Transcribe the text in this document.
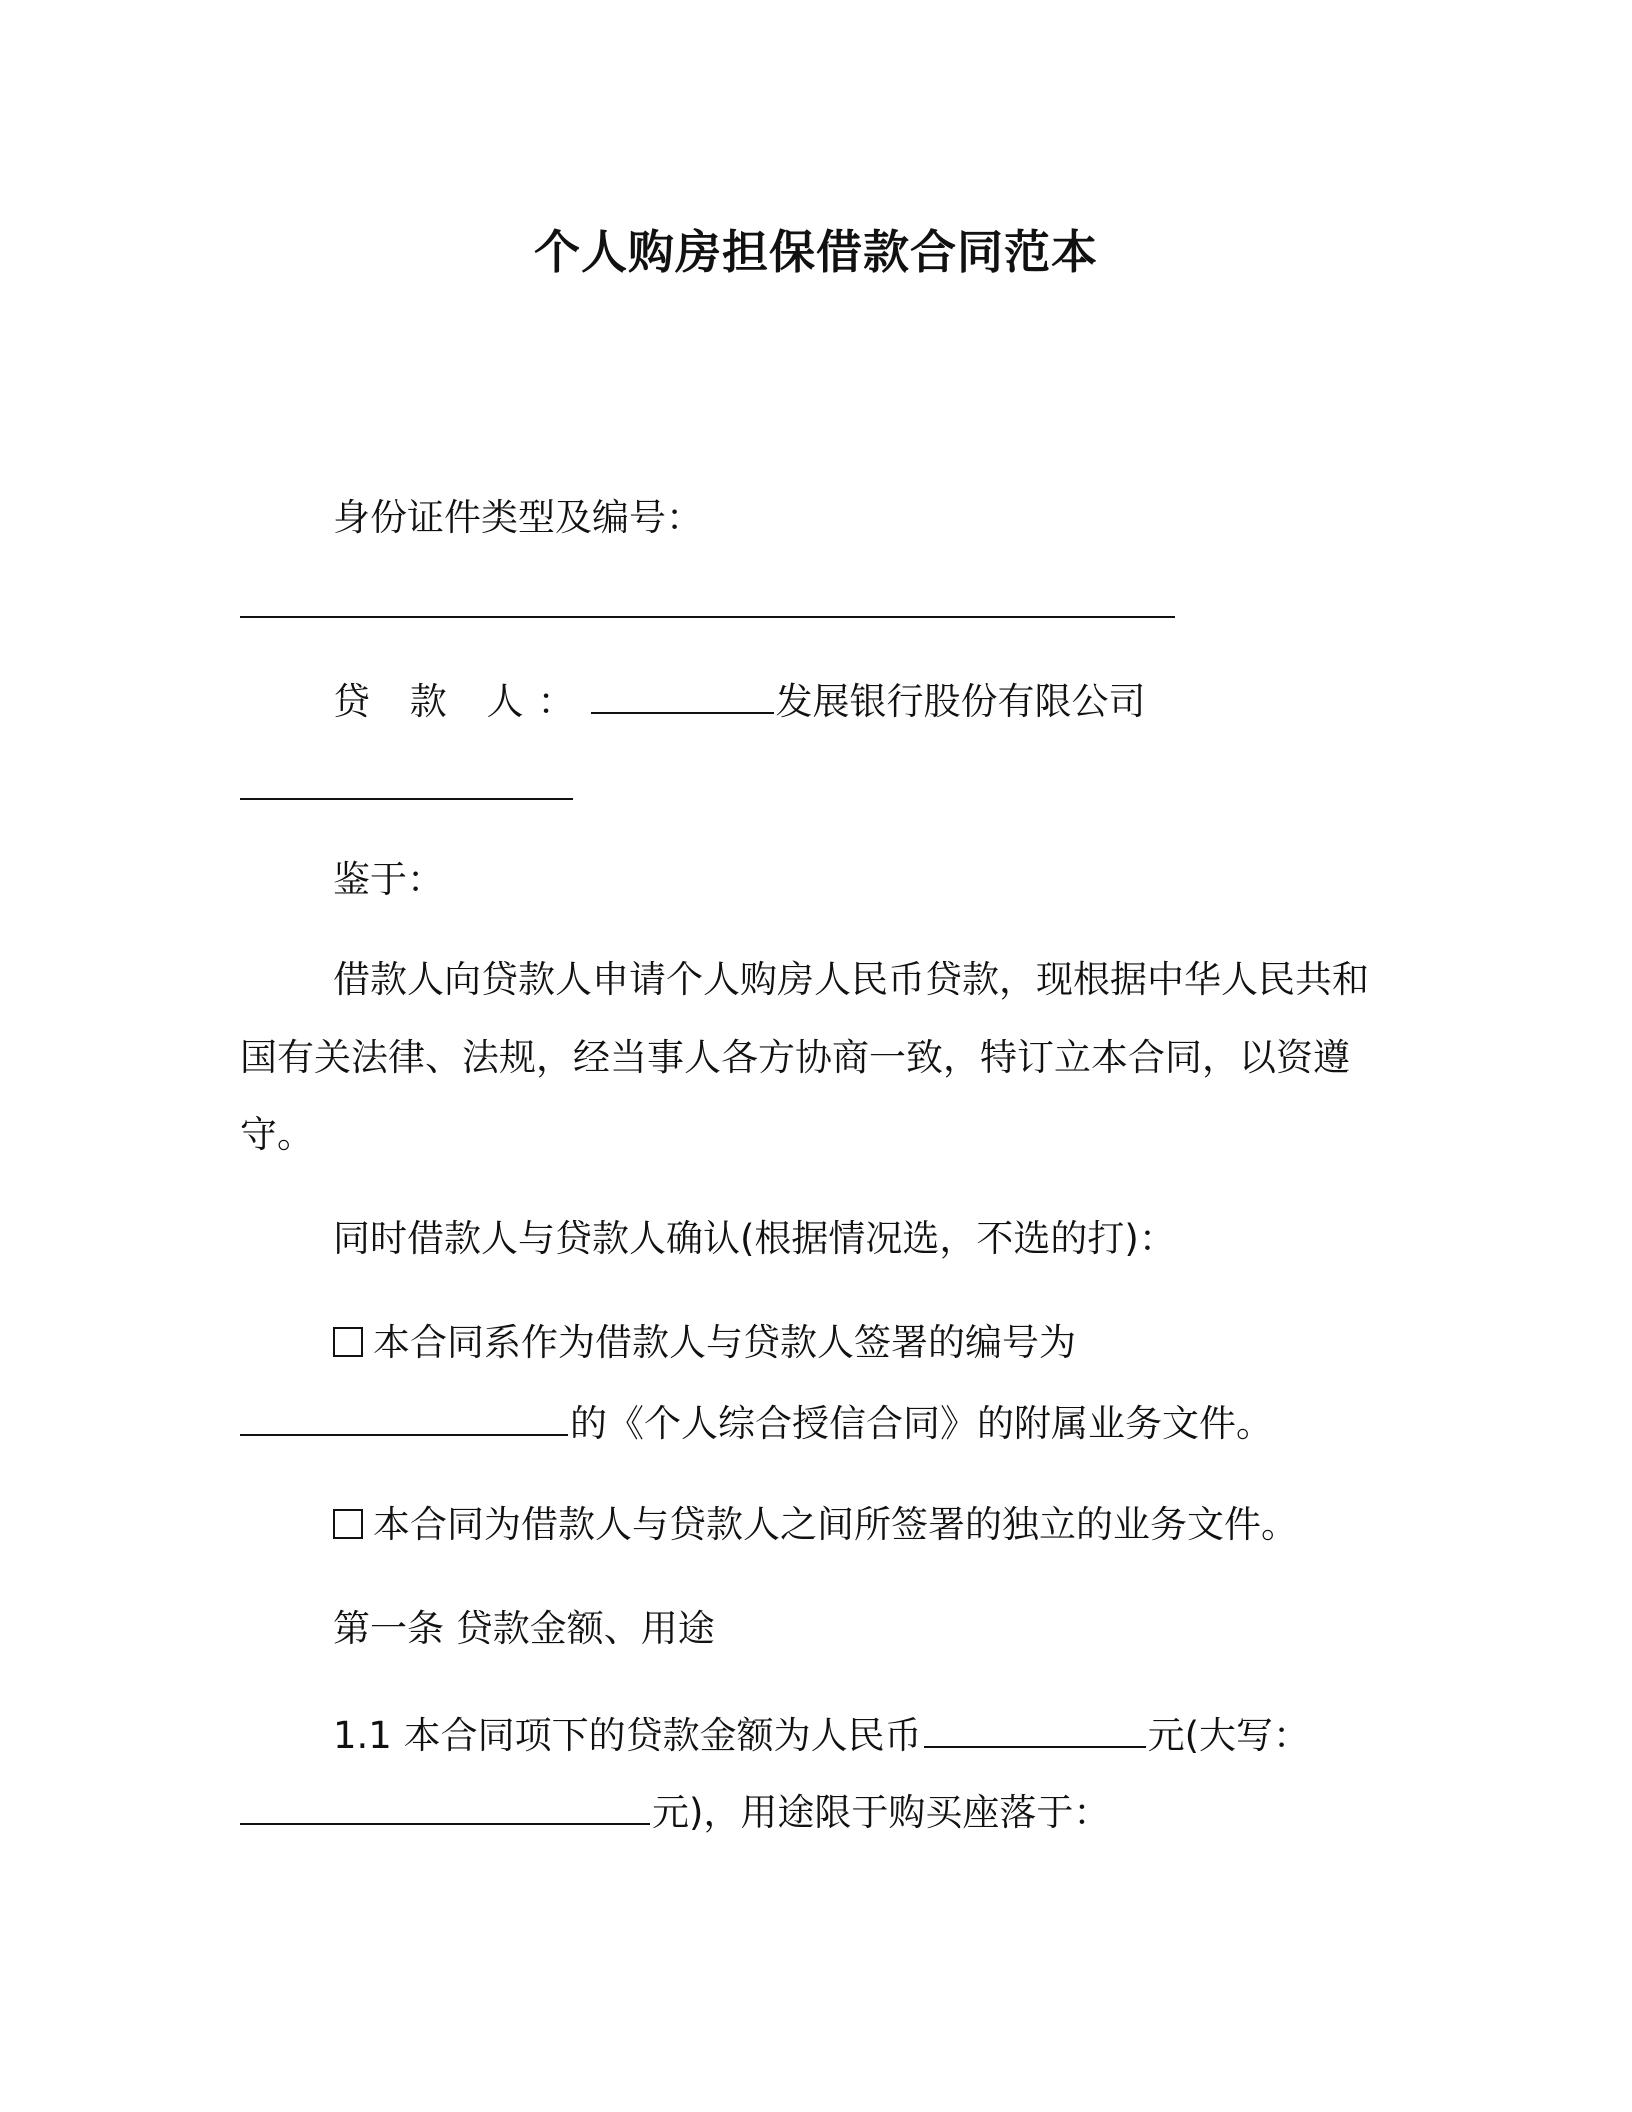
个人购房担保借款合同范本
身份证件类型及编号：
贷 款 人：	发展银行股份有限公司
鉴于：
借款人向贷款人申请个人购房人民币贷款，现根据中华人民共和
国有关法律、法规，经当事人各方协商一致，特订立本合同，以资遵
守。
同时借款人与贷款人确认(根据情况选，不选的打)：
本合同系作为借款人与贷款人签署的编号为
的《个人综合授信合同》的附属业务文件。
本合同为借款人与贷款人之间所签署的独立的业务文件。
第一条 贷款金额、用途
1.1 本合同项下的贷款金额为人民币	元(大写：
元)，用途限于购买座落于：
